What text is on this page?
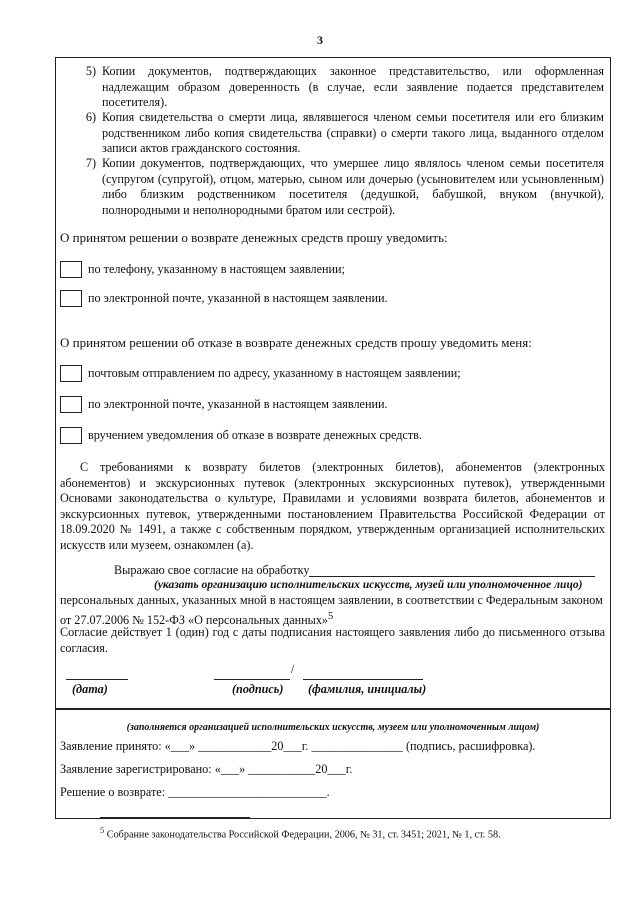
3
5) Копии документов, подтверждающих законное представительство, или оформленная надлежащим образом доверенность (в случае, если заявление подается представителем посетителя).
6) Копия свидетельства о смерти лица, являвшегося членом семьи посетителя или его близким родственником либо копия свидетельства (справки) о смерти такого лица, выданного отделом записи актов гражданского состояния.
7) Копии документов, подтверждающих, что умершее лицо являлось членом семьи посетителя (супругом (супругой), отцом, матерью, сыном или дочерью (усыновителем или усыновленным) либо близким родственником посетителя (дедушкой, бабушкой, внуком (внучкой), полнородными и неполнородными братом или сестрой).
О принятом решении о возврате денежных средств прошу уведомить:
по телефону, указанному в настоящем заявлении;
по электронной почте, указанной в настоящем заявлении.
О принятом решении об отказе в возврате денежных средств прошу уведомить меня:
почтовым отправлением по адресу, указанному в настоящем заявлении;
по электронной почте, указанной в настоящем заявлении.
вручением уведомления об отказе в возврате денежных средств.
С требованиями к возврату билетов (электронных билетов), абонементов (электронных абонементов) и экскурсионных путевок (электронных экскурсионных путевок), утвержденными Основами законодательства о культуре, Правилами и условиями возврата билетов, абонементов и экскурсионных путевок, утвержденными постановлением Правительства Российской Федерации от 18.09.2020 № 1491, а также с собственным порядком, утвержденным организацией исполнительских искусств или музеем, ознакомлен (а).
Выражаю свое согласие на обработку
(указать организацию исполнительских искусств, музей или уполномоченное лицо)
персональных данных, указанных мной в настоящем заявлении, в соответствии с Федеральным законом от 27.07.2006 № 152-ФЗ «О персональных данных»$^5$
Согласие действует 1 (один) год с даты подписания настоящего заявления либо до письменного отзыва согласия.
/
(дата)	(подпись) (фамилия, инициалы)
(заполняется организацией исполнительских искусств, музеем или уполномоченным лицом)
Заявление принято: «___» ____________20___г. _______________ (подпись, расшифровка).
Заявление зарегистрировано: «___» ___________20___г.
Решение о возврате: __________________________.
$^5$ Собрание законодательства Российской Федерации, 2006, № 31, ст. 3451; 2021, № 1, ст. 58.
